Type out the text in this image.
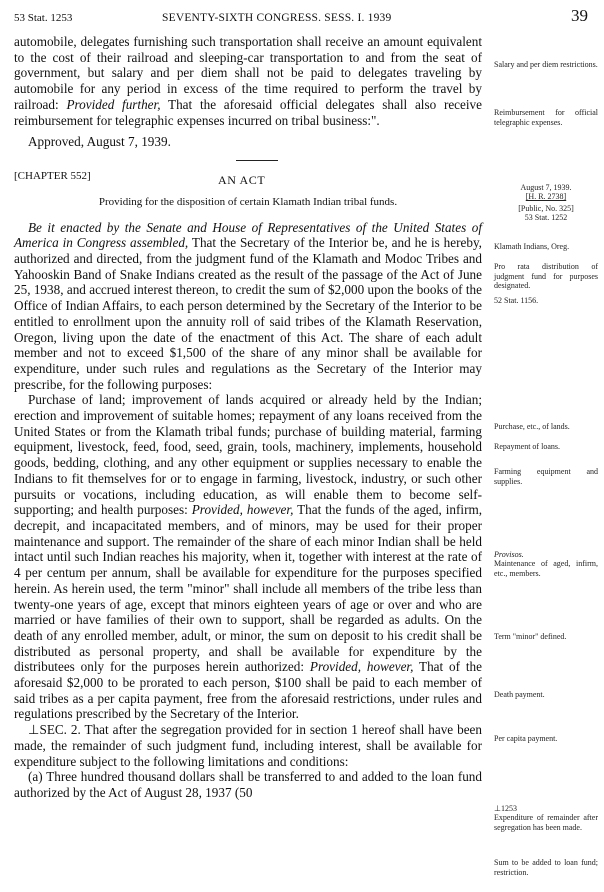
53 Stat. 1253	SEVENTY-SIXTH CONGRESS. SESS. I. 1939	39

automobile, delegates furnishing such transportation shall receive an amount equivalent to the cost of their railroad and sleeping-car transportation to and from the seat of government, but salary and per diem shall not be paid to delegates traveling by automobile for any period in excess of the time required to perform the travel by railroad: Provided further, That the aforesaid official delegates shall also receive reimbursement for telegraphic expenses incurred on tribal business:".

Approved, August 7, 1939.

[CHAPTER 552]	AN ACT

Providing for the disposition of certain Klamath Indian tribal funds.

Be it enacted by the Senate and House of Representatives of the United States of America in Congress assembled, That the Secretary of the Interior be, and he is hereby, authorized and directed, from the judgment fund of the Klamath and Modoc Tribes and Yahooskin Band of Snake Indians created as the result of the passage of the Act of June 25, 1938, and accrued interest thereon, to credit the sum of $2,000 upon the books of the Office of Indian Affairs, to each person determined by the Secretary of the Interior to be entitled to enrollment upon the annuity roll of said tribes of the Klamath Reservation, Oregon, living upon the date of the enactment of this Act. The share of each adult member and not to exceed $1,500 of the share of any minor shall be available for expenditure, under such rules and regulations as the Secretary of the Interior may prescribe, for the following purposes:

Purchase of land; improvement of lands acquired or already held by the Indian; erection and improvement of suitable homes; repayment of any loans received from the United States or from the Klamath tribal funds; purchase of building material, farming equipment, livestock, feed, food, seed, grain, tools, machinery, implements, household goods, bedding, clothing, and any other equipment or supplies necessary to enable the Indians to fit themselves for or to engage in farming, livestock, industry, or such other pursuits or vocations, including education, as will enable them to become self-supporting; and health purposes: Provided, however, That the funds of the aged, infirm, decrepit, and incapacitated members, and of minors, may be used for their proper maintenance and support. The remainder of the share of each minor Indian shall be held intact until such Indian reaches his majority, when it, together with interest at the rate of 4 per centum per annum, shall be available for expenditure for the purposes specified herein. As herein used, the term "minor" shall include all members of the tribe less than twenty-one years of age, except that minors eighteen years of age or over and who are married or have families of their own to support, shall be regarded as adults. On the death of any enrolled member, adult, or minor, the sum on deposit to his credit shall be distributed as personal property, and shall be available for expenditure by the distributees only for the purposes herein authorized: Provided, however, That of the aforesaid $2,000 to be prorated to each person, $100 shall be paid to each member of said tribes as a per capita payment, free from the aforesaid restrictions, under rules and regulations prescribed by the Secretary of the Interior.

⊥SEC. 2. That after the segregation provided for in section 1 hereof shall have been made, the remainder of such judgment fund, including interest, shall be available for expenditure subject to the following limitations and conditions:

(a) Three hundred thousand dollars shall be transferred to and added to the loan fund authorized by the Act of August 28, 1937 (50

Salary and per diem restrictions.
Reimbursement for official telegraphic expenses.
August 7, 1939.
[H. R. 2738]
[Public, No. 325]
53 Stat. 1252
Klamath Indians, Oreg.
Pro rata distribution of judgment fund for purposes designated.
52 Stat. 1156.
Purchase, etc., of lands.
Repayment of loans.
Farming equipment and supplies.
Provisos.
Maintenance of aged, infirm, etc., members.
Term "minor" defined.
Death payment.
Per capita payment.
⊥1253
Expenditure of remainder after segregation has been made.
Sum to be added to loan fund; restriction.
